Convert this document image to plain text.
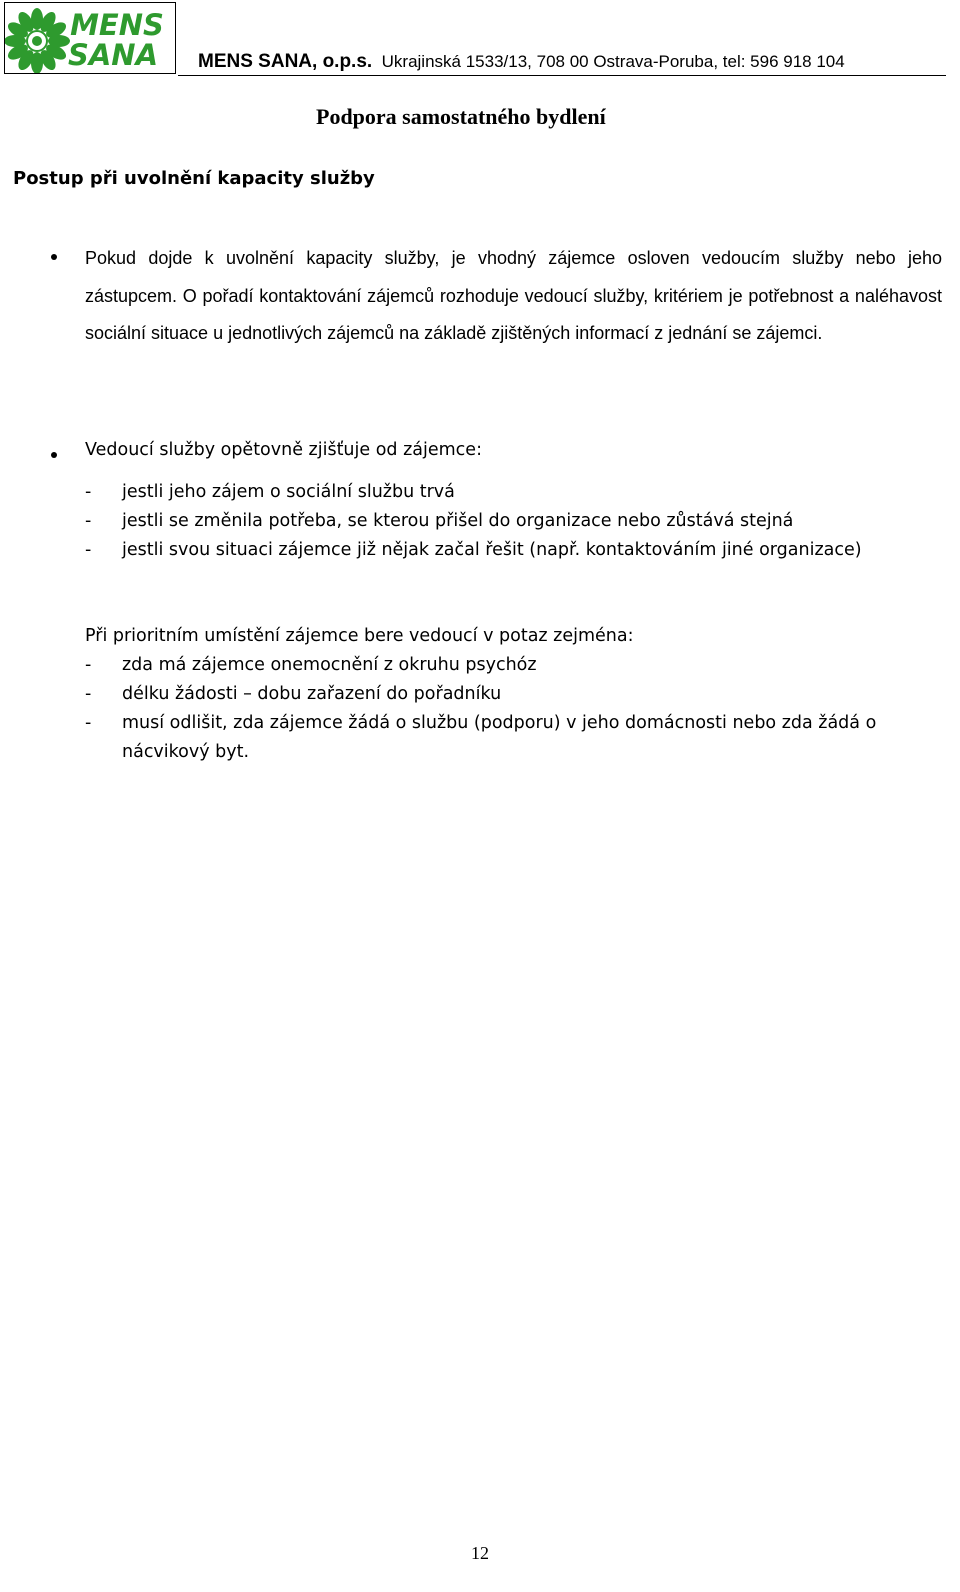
MENS
SANA MENS SANA, o.p.s. Ukrajinská 1533/13, 708 00 Ostrava-Poruba, tel: 596 918 104
Podpora samostatného bydlení
Postup při uvolnění kapacity služby
Pokud dojde k uvolnění kapacity služby, je vhodný zájemce osloven vedoucím služby nebo jeho zástupcem. O pořadí kontaktování zájemců rozhoduje vedoucí služby, kritériem je potřebnost a naléhavost sociální situace u jednotlivých zájemců na základě zjištěných informací z jednání se zájemci.
Vedoucí služby opětovně zjišťuje od zájemce:
- jestli jeho zájem o sociální službu trvá
- jestli se změnila potřeba, se kterou přišel do organizace nebo zůstává stejná
- jestli svou situaci zájemce již nějak začal řešit (např. kontaktováním jiné organizace)
Při prioritním umístění zájemce bere vedoucí v potaz zejména:
- zda má zájemce onemocnění z okruhu psychóz
- délku žádosti – dobu zařazení do pořadníku
- musí odlišit, zda zájemce žádá o službu (podporu) v jeho domácnosti nebo zda žádá o nácvikový byt.
12
